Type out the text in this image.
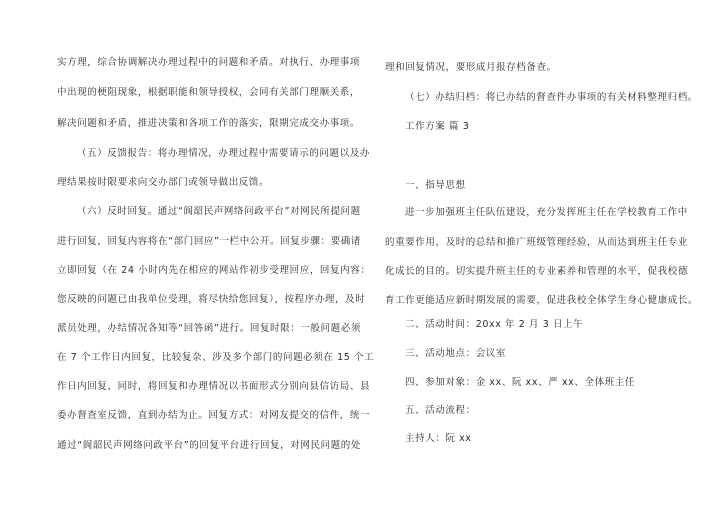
实方理，综合协调解决办理过程中的问题和矛盾。对执行、办理事项
中出现的梗阻现象，根据职能和领导授权，会同有关部门理顺关系，
解决问题和矛盾，推进决策和各项工作的落实，限期完成交办事项。
（五）反馈报告：将办理情况，办理过程中需要请示的问题以及办
理结果按时限要求向交办部门或领导做出反馈。
（六）反时回复。通过“阆韶民声网络问政平台”对网民所提问题
进行回复，回复内容将在“部门回应”一栏中公开。回复步骤：要确诸
立即回复（在 24 小时内先在相应的网站作初步受理回应，回复内容：
您反映的问题已由我单位受理，将尽快给您回复），按程序办理，及时
派员处理，办结情况各知等“回答函”进行。回复时限：一般问题必须
在 7 个工作日内回复，比较复杂、涉及多个部门的问题必须在 15 个工
作日内回复，同时，将回复和办理情况以书面形式分别向县信访局、县
委办督查室反馈，直到办结为止。回复方式：对网友提交的信件，统一
通过“阆韶民声网络问政平台”的回复平台进行回复，对网民问题的处
理和回复情况，要形成月报存档备查。
（七）办结归档：将已办结的督查件办事项的有关材料整理归档。
工作方案 篇 3
一、指导思想
进一步加强班主任队伍建设，充分发挥班主任在学校教育工作中
的重要作用，及时的总结和推广班级管理经验，从而达到班主任专业
化成长的目的。切实提升班主任的专业素养和管理的水平，促我校德
育工作更能适应新时期发展的需要，促进我校全体学生身心健康成长。
二、活动时间：20xx 年 2 月 3 日上午
三、活动地点：会议室
四、参加对象：金 xx、阮 xx、严 xx、全体班主任
五、活动流程：
主持人：阮 xx
